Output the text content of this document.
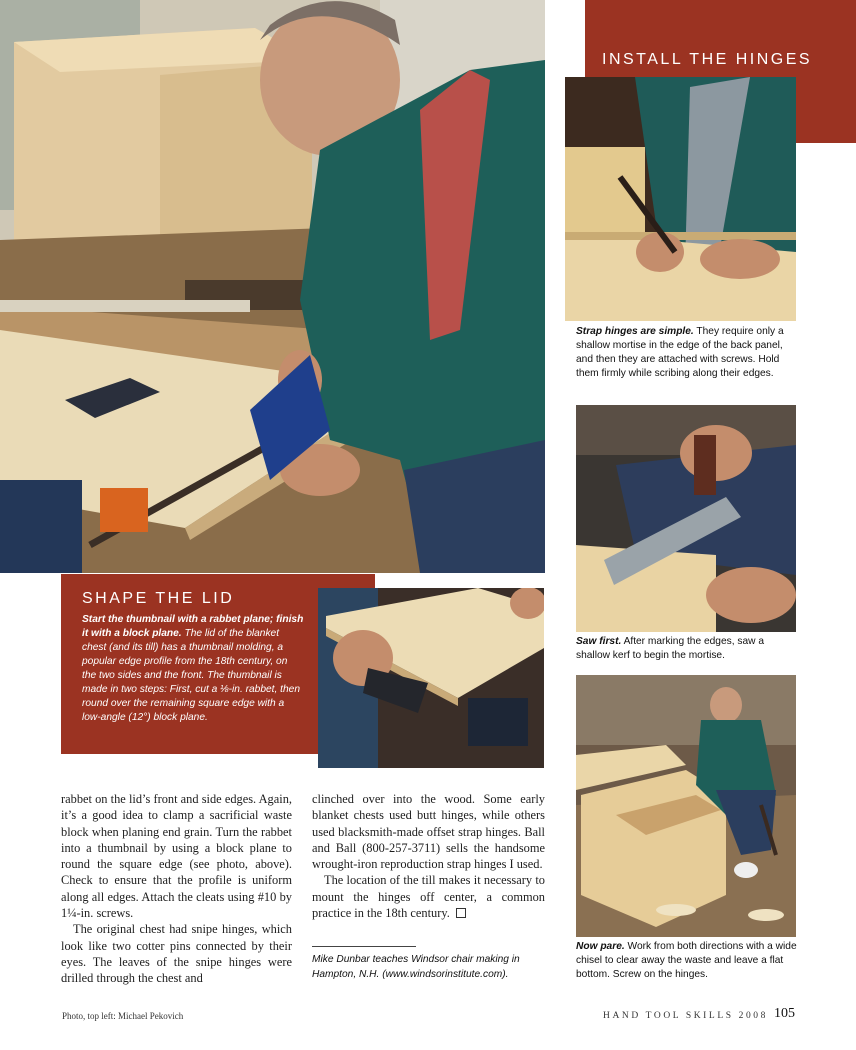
INSTALL THE HINGES
Strap hinges are simple. They require only a shallow mortise in the edge of the back panel, and then they are attached with screws. Hold them firmly while scribing along their edges.
Saw first. After marking the edges, saw a shallow kerf to begin the mortise.
Now pare. Work from both directions with a wide chisel to clear away the waste and leave a flat bottom. Screw on the hinges.
SHAPE THE LID
Start the thumbnail with a rabbet plane; finish it with a block plane. The lid of the blanket chest (and its till) has a thumbnail molding, a popular edge profile from the 18th century, on the two sides and the front. The thumbnail is made in two steps: First, cut a ⅛-in. rabbet, then round over the remaining square edge with a low-angle (12°) block plane.

rabbet on the lid’s front and side edges. Again, it’s a good idea to clamp a sacrificial waste block when planing end grain. Turn the rabbet into a thumbnail by using a block plane to round the square edge (see photo, above). Check to ensure that the profile is uniform along all edges. Attach the cleats using #10 by 1¼-in. screws.

The original chest had snipe hinges, which look like two cotter pins connected by their eyes. The leaves of the snipe hinges were drilled through the chest and

clinched over into the wood. Some early blanket chests used butt hinges, while others used blacksmith-made offset strap hinges. Ball and Ball (800-257-3711) sells the handsome wrought-iron reproduction strap hinges I used.

The location of the till makes it necessary to mount the hinges off center, a common practice in the 18th century.

Mike Dunbar teaches Windsor chair making in Hampton, N.H. (www.windsorinstitute.com).
Photo, top left: Michael Pekovich	HAND TOOL SKILLS 2008 105
